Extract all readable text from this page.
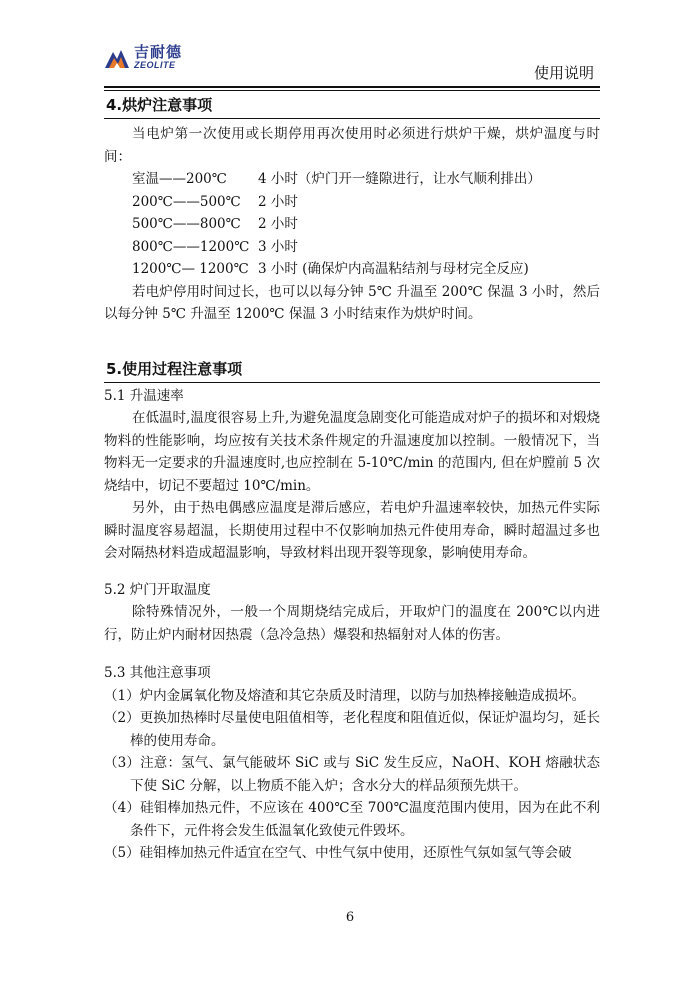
吉耐德
ZEOLITE	使用说明
4.烘炉注意事项

当电炉第一次使用或长期停用再次使用时必须进行烘炉干燥，烘炉温度与时间：

室温——200℃	4 小时（炉门开一缝隙进行，让水气顺利排出）
200℃——500℃	2 小时
500℃——800℃	2 小时
800℃——1200℃ 3 小时
1200℃— 1200℃ 3 小时 (确保炉内高温粘结剂与母材完全反应)

若电炉停用时间过长，也可以以每分钟 5℃ 升温至 200℃ 保温 3 小时，然后以每分钟 5℃ 升温至 1200℃ 保温 3 小时结束作为烘炉时间。

5.使用过程注意事项
5.1 升温速率

在低温时,温度很容易上升,为避免温度急剧变化可能造成对炉子的损坏和对煅烧物料的性能影响，均应按有关技术条件规定的升温速度加以控制。一般情况下，当物料无一定要求的升温速度时,也应控制在 5-10℃/min 的范围内, 但在炉膛前 5 次烧结中，切记不要超过 10℃/min。

另外，由于热电偶感应温度是滞后感应，若电炉升温速率较快，加热元件实际瞬时温度容易超温，长期使用过程中不仅影响加热元件使用寿命，瞬时超温过多也会对隔热材料造成超温影响，导致材料出现开裂等现象，影响使用寿命。

5.2 炉门开取温度

除特殊情况外，一般一个周期烧结完成后，开取炉门的温度在 200℃以内进行，防止炉内耐材因热震（急冷急热）爆裂和热辐射对人体的伤害。

5.3 其他注意事项
（1）炉内金属氧化物及熔渣和其它杂质及时清理，以防与加热棒接触造成损坏。
（2）更换加热棒时尽量使电阻值相等，老化程度和阻值近似，保证炉温均匀，延长棒的使用寿命。
（3）注意：氢气、氯气能破坏 SiC 或与 SiC 发生反应，NaOH、KOH 熔融状态下使 SiC 分解，以上物质不能入炉；含水分大的样品须预先烘干。
（4）硅钼棒加热元件，不应该在 400℃至 700℃温度范围内使用，因为在此不利条件下，元件将会发生低温氧化致使元件毁坏。
（5）硅钼棒加热元件适宜在空气、中性气氛中使用，还原性气氛如氢气等会破
6
